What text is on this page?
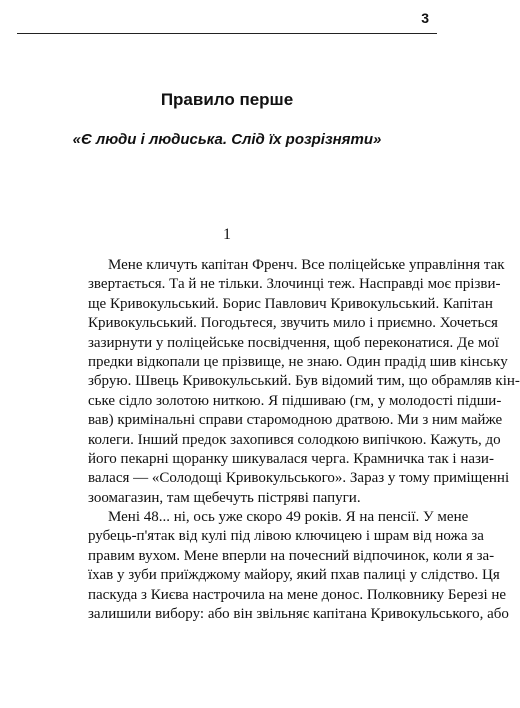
3
Правило перше
«Є люди і людиська. Слід їх розрізняти»
1
Мене кличуть капітан Френч. Все поліцейське управління так
звертається. Та й не тільки. Злочинці теж. Насправді моє прізви-
ще Кривокульський. Борис Павлович Кривокульський. Капітан
Кривокульський. Погодьтеся, звучить мило і приємно. Хочеться
зазирнути у поліцейське посвідчення, щоб переконатися. Де мої
предки відкопали це прізвище, не знаю. Один прадід шив кінську
збрую. Швець Кривокульський. Був відомий тим, що обрамляв кін-
ське сідло золотою ниткою. Я підшиваю (гм, у молодості підши-
вав) кримінальні справи старомодною дратвою. Ми з ним майже
колеги. Інший предок захопився солодкою випічкою. Кажуть, до
його пекарні щоранку шикувалася черга. Крамничка так і нази-
валася — «Солодощі Кривокульського». Зараз у тому приміщенні
зоомагазин, там щебечуть пістряві папуги.
Мені 48... ні, ось уже скоро 49 років. Я на пенсії. У мене
рубець-п'ятак від кулі під лівою ключицею і шрам від ножа за
правим вухом. Мене вперли на почесний відпочинок, коли я за-
їхав у зуби приїжджому майору, який пхав палиці у слідство. Ця
паскуда з Києва настрочила на мене донос. Полковнику Березі не
залишили вибору: або він звільняє капітана Кривокульського, або
